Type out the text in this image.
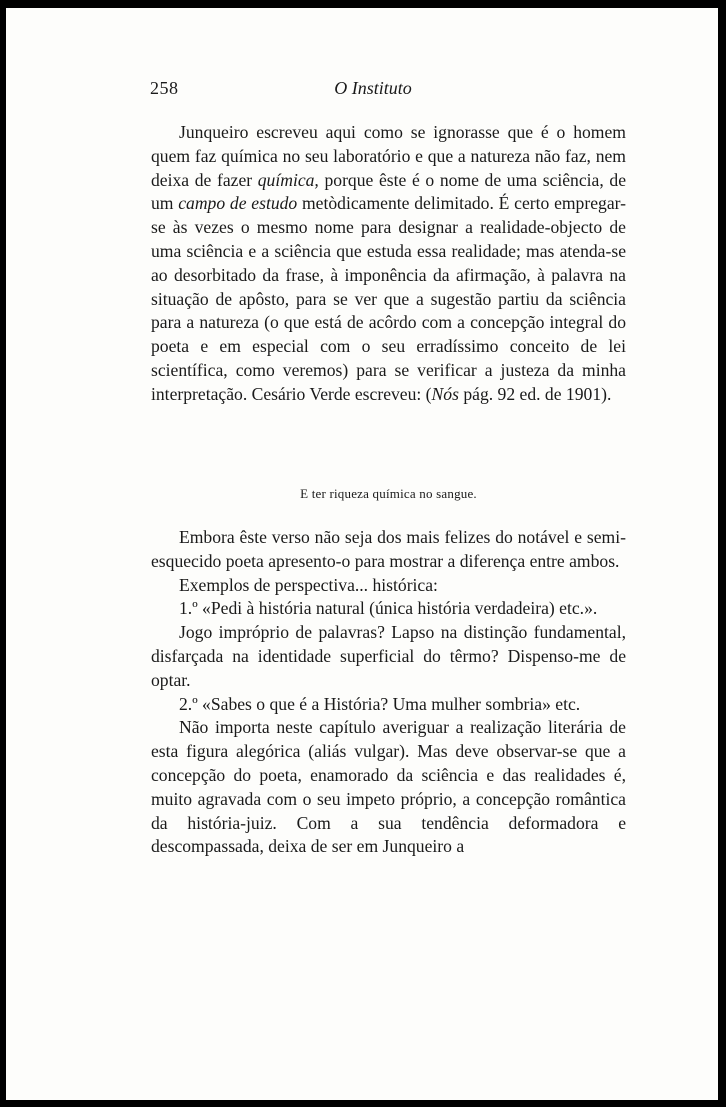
258	O Instituto

Junqueiro escreveu aqui como se ignorasse que é o homem quem faz química no seu laboratório e que a natureza não faz, nem deixa de fazer química, porque êste é o nome de uma sciência, de um campo de estudo metòdicamente delimitado. É certo empregar-se às vezes o mesmo nome para designar a realidade-objecto de uma sciência e a sciência que estuda essa realidade; mas atenda-se ao desorbitado da frase, à imponência da afirmação, à palavra na situação de apôsto, para se ver que a sugestão partiu da sciência para a natureza (o que está de acôrdo com a concepção integral do poeta e em especial com o seu erradíssimo conceito de lei scientífica, como veremos) para se verificar a justeza da minha interpretação. Cesário Verde escreveu: (Nós pág. 92 ed. de 1901).

E ter riqueza química no sangue.

Embora êste verso não seja dos mais felizes do notável e semi-esquecido poeta apresento-o para mostrar a diferença entre ambos.

Exemplos de perspectiva... histórica:

1.º «Pedi à história natural (única história verdadeira) etc.».

Jogo impróprio de palavras? Lapso na distinção fundamental, disfarçada na identidade superficial do têrmo? Dispenso-me de optar.

2.º «Sabes o que é a História? Uma mulher sombria» etc.

Não importa neste capítulo averiguar a realização literária de esta figura alegórica (aliás vulgar). Mas deve observar-se que a concepção do poeta, enamorado da sciência e das realidades é, muito agravada com o seu impeto próprio, a concepção romântica da história-juiz. Com a sua tendência deformadora e descompassada, deixa de ser em Junqueiro a
